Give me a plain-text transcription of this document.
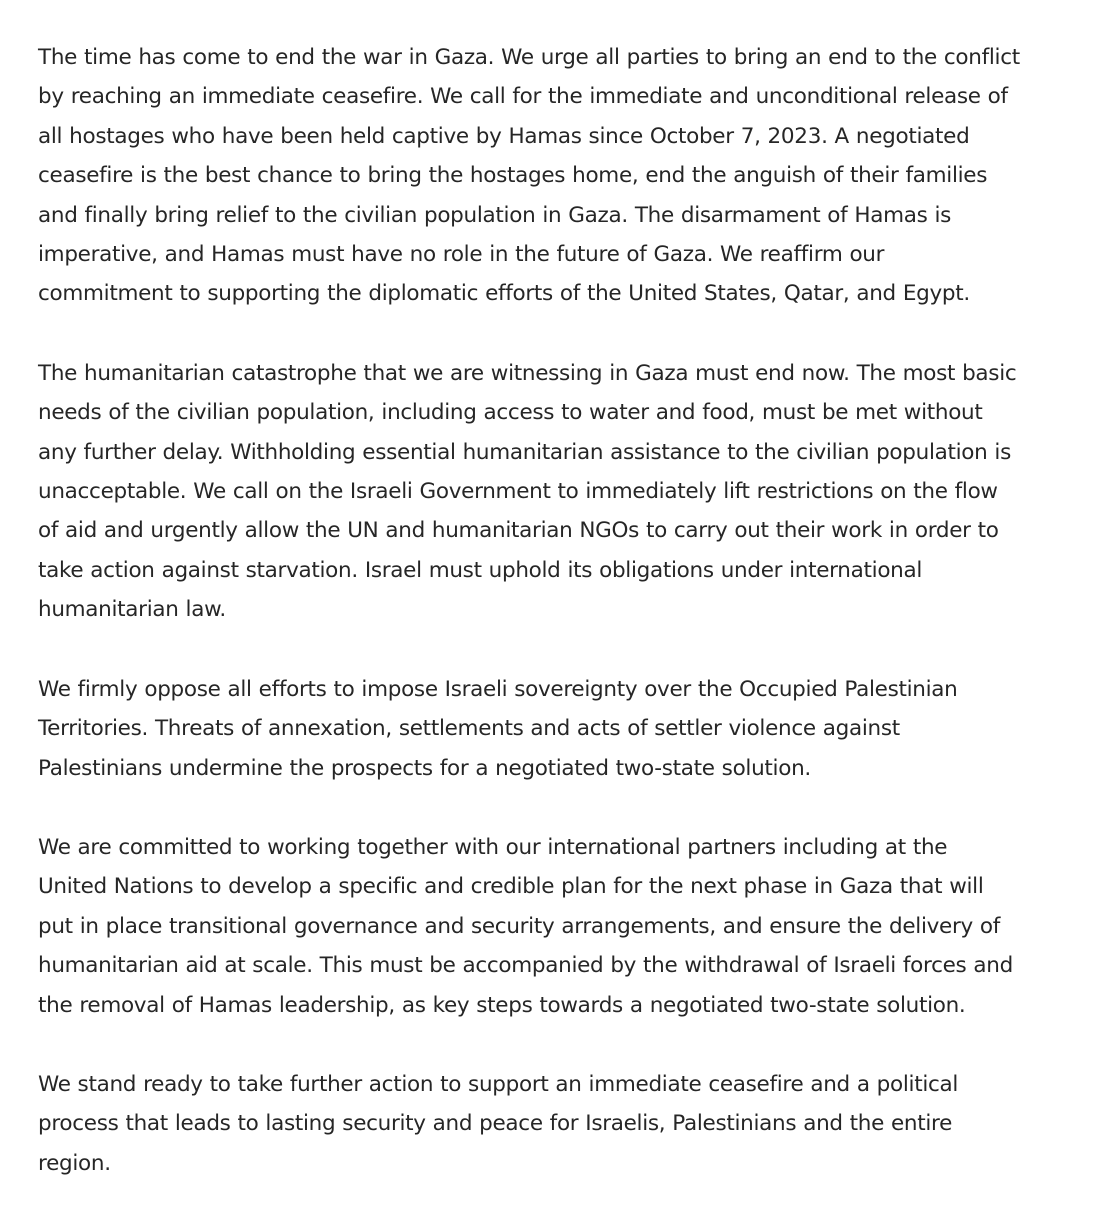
The time has come to end the war in Gaza. We urge all parties to bring an end to the conflict
by reaching an immediate ceasefire. We call for the immediate and unconditional release of
all hostages who have been held captive by Hamas since October 7, 2023. A negotiated
ceasefire is the best chance to bring the hostages home, end the anguish of their families
and finally bring relief to the civilian population in Gaza. The disarmament of Hamas is
imperative, and Hamas must have no role in the future of Gaza. We reaffirm our
commitment to supporting the diplomatic efforts of the United States, Qatar, and Egypt.

The humanitarian catastrophe that we are witnessing in Gaza must end now. The most basic
needs of the civilian population, including access to water and food, must be met without
any further delay. Withholding essential humanitarian assistance to the civilian population is
unacceptable. We call on the Israeli Government to immediately lift restrictions on the flow
of aid and urgently allow the UN and humanitarian NGOs to carry out their work in order to
take action against starvation. Israel must uphold its obligations under international
humanitarian law.

We firmly oppose all efforts to impose Israeli sovereignty over the Occupied Palestinian
Territories. Threats of annexation, settlements and acts of settler violence against
Palestinians undermine the prospects for a negotiated two-state solution.

We are committed to working together with our international partners including at the
United Nations to develop a specific and credible plan for the next phase in Gaza that will
put in place transitional governance and security arrangements, and ensure the delivery of
humanitarian aid at scale. This must be accompanied by the withdrawal of Israeli forces and
the removal of Hamas leadership, as key steps towards a negotiated two-state solution.

We stand ready to take further action to support an immediate ceasefire and a political
process that leads to lasting security and peace for Israelis, Palestinians and the entire
region.
